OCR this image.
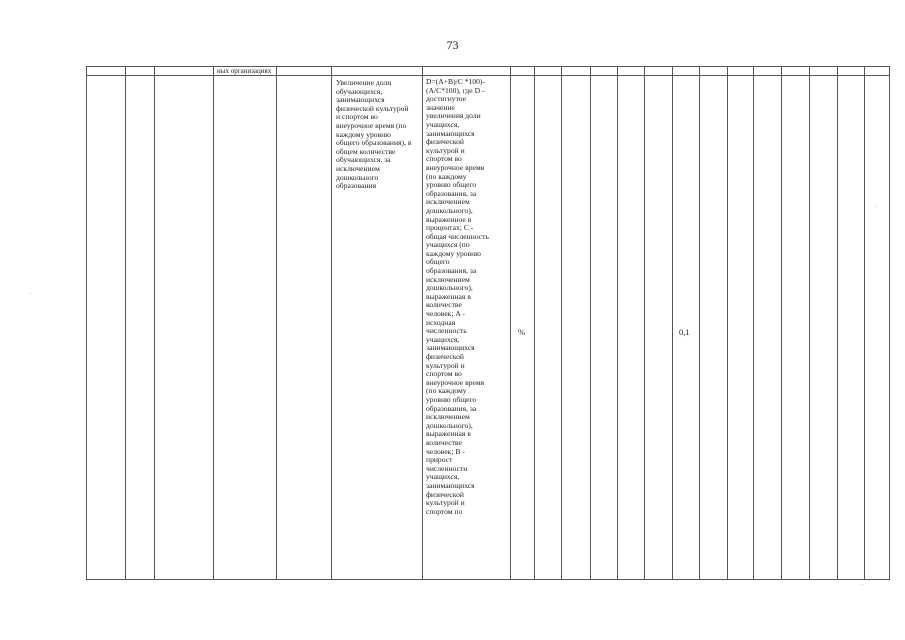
73
ных организациях
Увеличение доли
обучающихся,
занимающихся
физической культурой
и спортом во
внеурочное время (по
каждому уровню
общего образования), в
общем количестве
обучающихся, за
исключением
дошкольного
образования
D=(A+B)/C *100)-
(A/C*100), где D -
достигнутое
значение
увеличения доли
учащихся,
занимающихся
физической
культурой и
спортом во
внеурочное время
(по каждому
уровню общего
образования, за
исключением
дошкольного),
выраженное в
процентах; C -
общая численность
учащихся (по
каждому уровню
общего
образования, за
исключением
дошкольного),
выраженная в
количестве
человек; A -
исходная
численность
учащихся,
занимающихся
физической
культурой и
спортом во
внеурочное время
(по каждому
уровню общего
образования, за
исключением
дошкольного),
выраженная в
количестве
человек; B -
прирост
численности
учащихся,
занимающихся
физической
культурой и
спортом по
%	0,1
